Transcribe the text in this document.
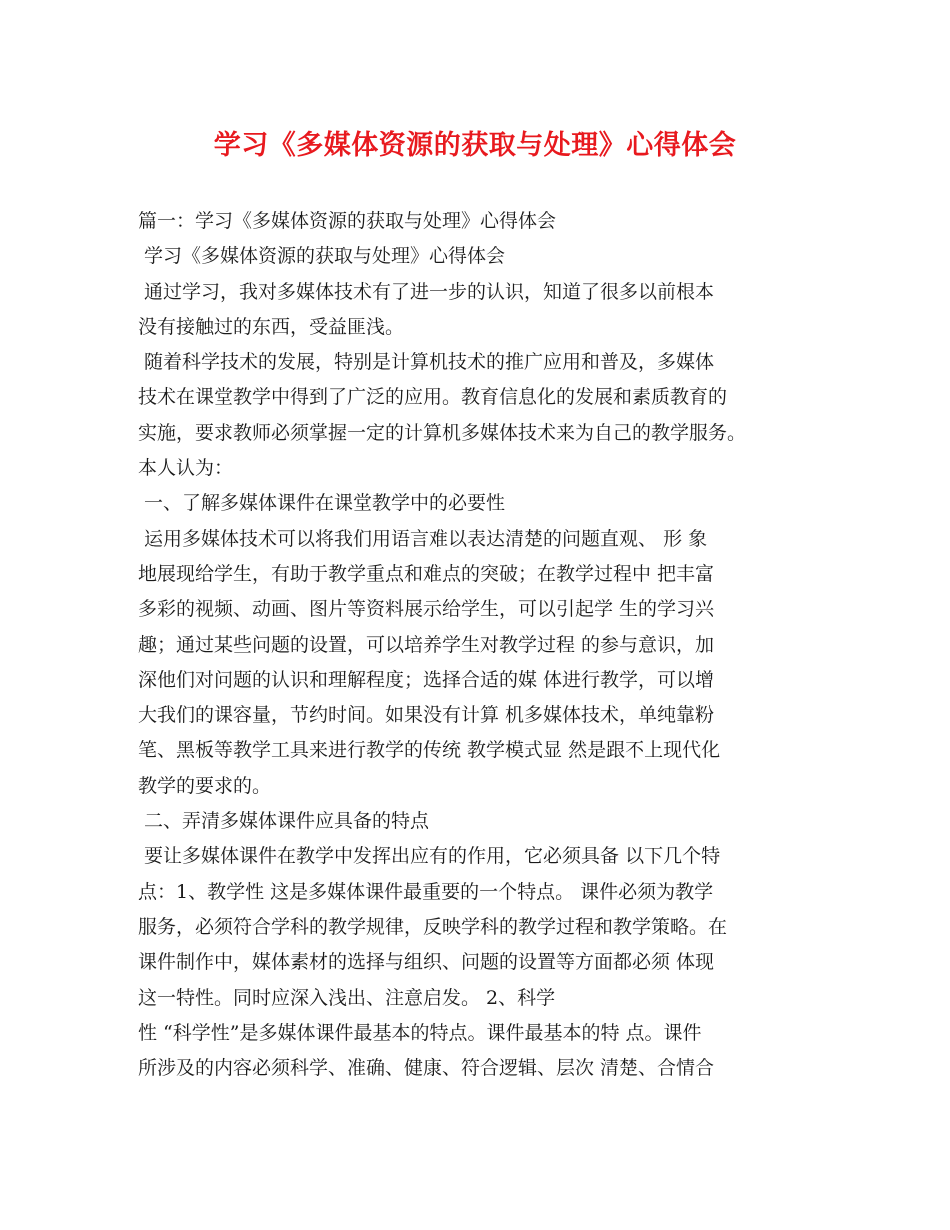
学习《多媒体资源的获取与处理》心得体会

篇一：学习《多媒体资源的获取与处理》心得体会

学习《多媒体资源的获取与处理》心得体会

通过学习，我对多媒体技术有了进一步的认识，知道了很多以前根本

没有接触过的东西，受益匪浅。

随着科学技术的发展，特别是计算机技术的推广应用和普及，多媒体

技术在课堂教学中得到了广泛的应用。教育信息化的发展和素质教育的

实施，要求教师必须掌握一定的计算机多媒体技术来为自己的教学服务。

本人认为：

一、了解多媒体课件在课堂教学中的必要性

运用多媒体技术可以将我们用语言难以表达清楚的问题直观、 形 象

地展现给学生，有助于教学重点和难点的突破；在教学过程中 把丰富

多彩的视频、动画、图片等资料展示给学生，可以引起学 生的学习兴

趣；通过某些问题的设置，可以培养学生对教学过程 的参与意识，加

深他们对问题的认识和理解程度；选择合适的媒 体进行教学，可以增

大我们的课容量，节约时间。如果没有计算 机多媒体技术，单纯靠粉

笔、黑板等教学工具来进行教学的传统 教学模式显 然是跟不上现代化

教学的要求的。

二、弄清多媒体课件应具备的特点

要让多媒体课件在教学中发挥出应有的作用，它必须具备 以下几个特

点：1、教学性 这是多媒体课件最重要的一个特点。 课件必须为教学

服务，必须符合学科的教学规律，反映学科的教学过程和教学策略。在

课件制作中，媒体素材的选择与组织、问题的设置等方面都必须 体现

这一特性。同时应深入浅出、注意启发。 2、科学

性 “科学性”是多媒体课件最基本的特点。课件最基本的特 点。课件

所涉及的内容必须科学、准确、健康、符合逻辑、层次 清楚、合情合
